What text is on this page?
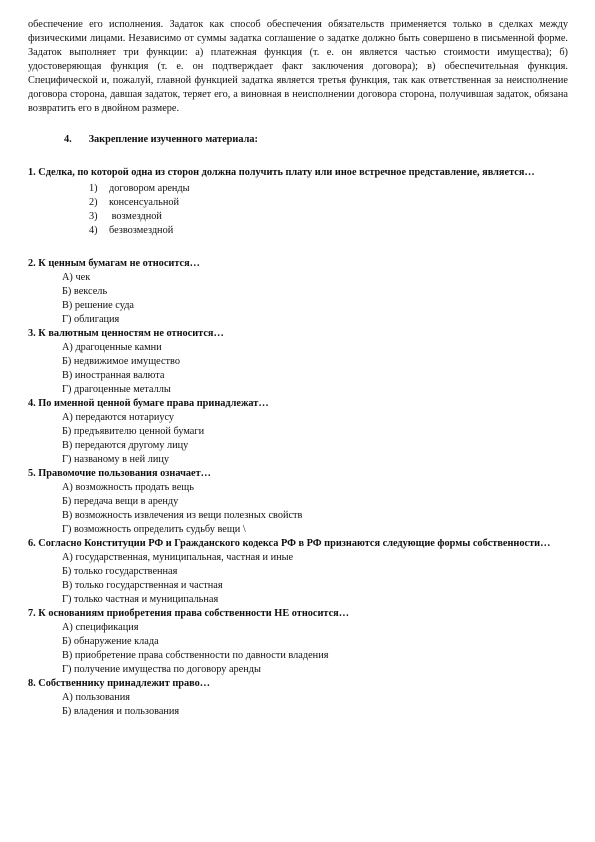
обеспечение его исполнения. Задаток как способ обеспечения обязательств применяется только в сделках между физическими лицами. Независимо от суммы задатка соглашение о задатке должно быть совершено в письменной форме. Задаток выполняет три функции: а) платежная функция (т. е. он является частью стоимости имущества); б) удостоверяющая функция (т. е. он подтверждает факт заключения договора); в) обеспечительная функция. Специфической и, пожалуй, главной функцией задатка является третья функция, так как ответственная за неисполнение договора сторона, давшая задаток, теряет его, а виновная в неисполнении договора сторона, получившая задаток, обязана возвратить его в двойном размере.

4. Закрепление изученного материала:

1. Сделка, по которой одна из сторон должна получить плату или иное встречное представление, является…

1) договором аренды
2) консенсуальной
3) возмездной
4) безвозмездной

2. К ценным бумагам не относится…

А) чек
Б) вексель
В) решение суда
Г) облигация

3. К валютным ценностям не относится…

А) драгоценные камни
Б) недвижимое имущество
В) иностранная валюта
Г) драгоценные металлы

4. По именной ценной бумаге права принадлежат…

А) передаются нотариусу
Б) предъявителю ценной бумаги
В) передаются другому лицу
Г) названому в ней лицу

5. Правомочие пользования означает…

А) возможность продать вещь
Б) передача вещи в аренду
В) возможность извлечения из вещи полезных свойств
Г) возможность определить судьбу вещи \

6. Согласно Конституции РФ и Гражданского кодекса РФ в РФ признаются следующие формы собственности…

А) государственная, муниципальная, частная и иные
Б) только государственная
В) только государственная и частная
Г) только частная и муниципальная

7. К основаниям приобретения права собственности НЕ относится…

А) спецификация
Б) обнаружение клада
В) приобретение права собственности по давности владения
Г) получение имущества по договору аренды

8. Собственнику принадлежит право…

А) пользования
Б) владения и пользования
